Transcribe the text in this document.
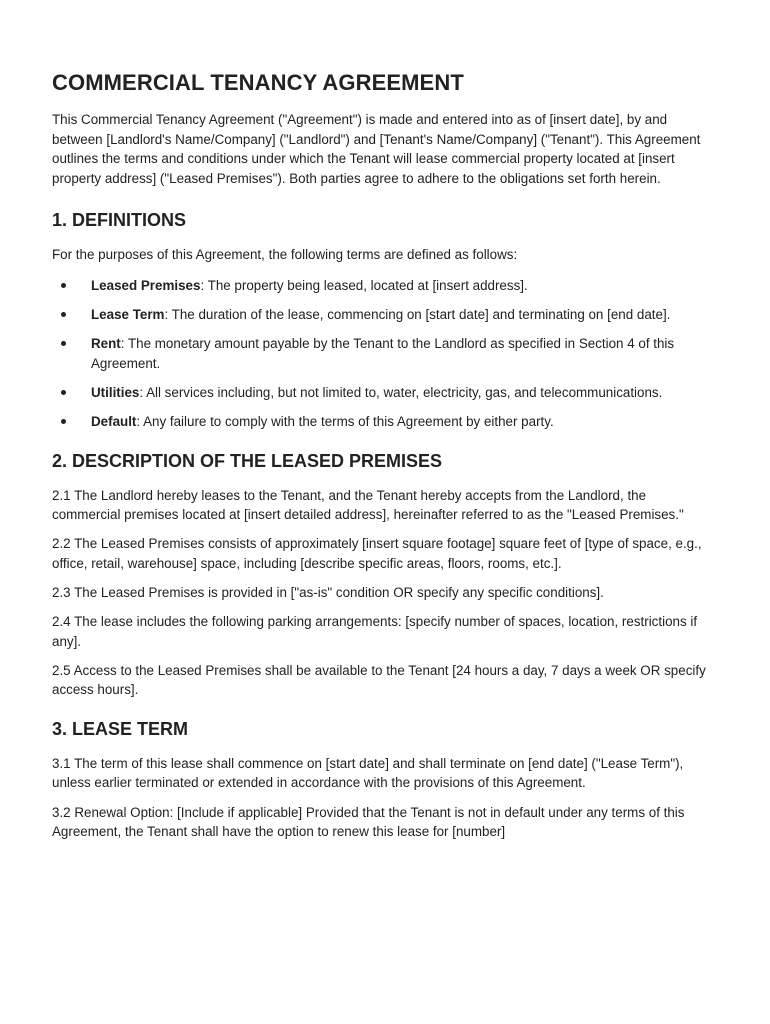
COMMERCIAL TENANCY AGREEMENT

This Commercial Tenancy Agreement ("Agreement") is made and entered into as of [insert date], by and between [Landlord's Name/Company] ("Landlord") and [Tenant's Name/Company] ("Tenant"). This Agreement outlines the terms and conditions under which the Tenant will lease commercial property located at [insert property address] ("Leased Premises"). Both parties agree to adhere to the obligations set forth herein.

1. DEFINITIONS

For the purposes of this Agreement, the following terms are defined as follows:

Leased Premises: The property being leased, located at [insert address].
Lease Term: The duration of the lease, commencing on [start date] and terminating on [end date].
Rent: The monetary amount payable by the Tenant to the Landlord as specified in Section 4 of this Agreement.
Utilities: All services including, but not limited to, water, electricity, gas, and telecommunications.
Default: Any failure to comply with the terms of this Agreement by either party.
2. DESCRIPTION OF THE LEASED PREMISES

2.1 The Landlord hereby leases to the Tenant, and the Tenant hereby accepts from the Landlord, the commercial premises located at [insert detailed address], hereinafter referred to as the "Leased Premises."

2.2 The Leased Premises consists of approximately [insert square footage] square feet of [type of space, e.g., office, retail, warehouse] space, including [describe specific areas, floors, rooms, etc.].

2.3 The Leased Premises is provided in ["as-is" condition OR specify any specific conditions].

2.4 The lease includes the following parking arrangements: [specify number of spaces, location, restrictions if any].

2.5 Access to the Leased Premises shall be available to the Tenant [24 hours a day, 7 days a week OR specify access hours].

3. LEASE TERM

3.1 The term of this lease shall commence on [start date] and shall terminate on [end date] ("Lease Term"), unless earlier terminated or extended in accordance with the provisions of this Agreement.

3.2 Renewal Option: [Include if applicable] Provided that the Tenant is not in default under any terms of this Agreement, the Tenant shall have the option to renew this lease for [number]
